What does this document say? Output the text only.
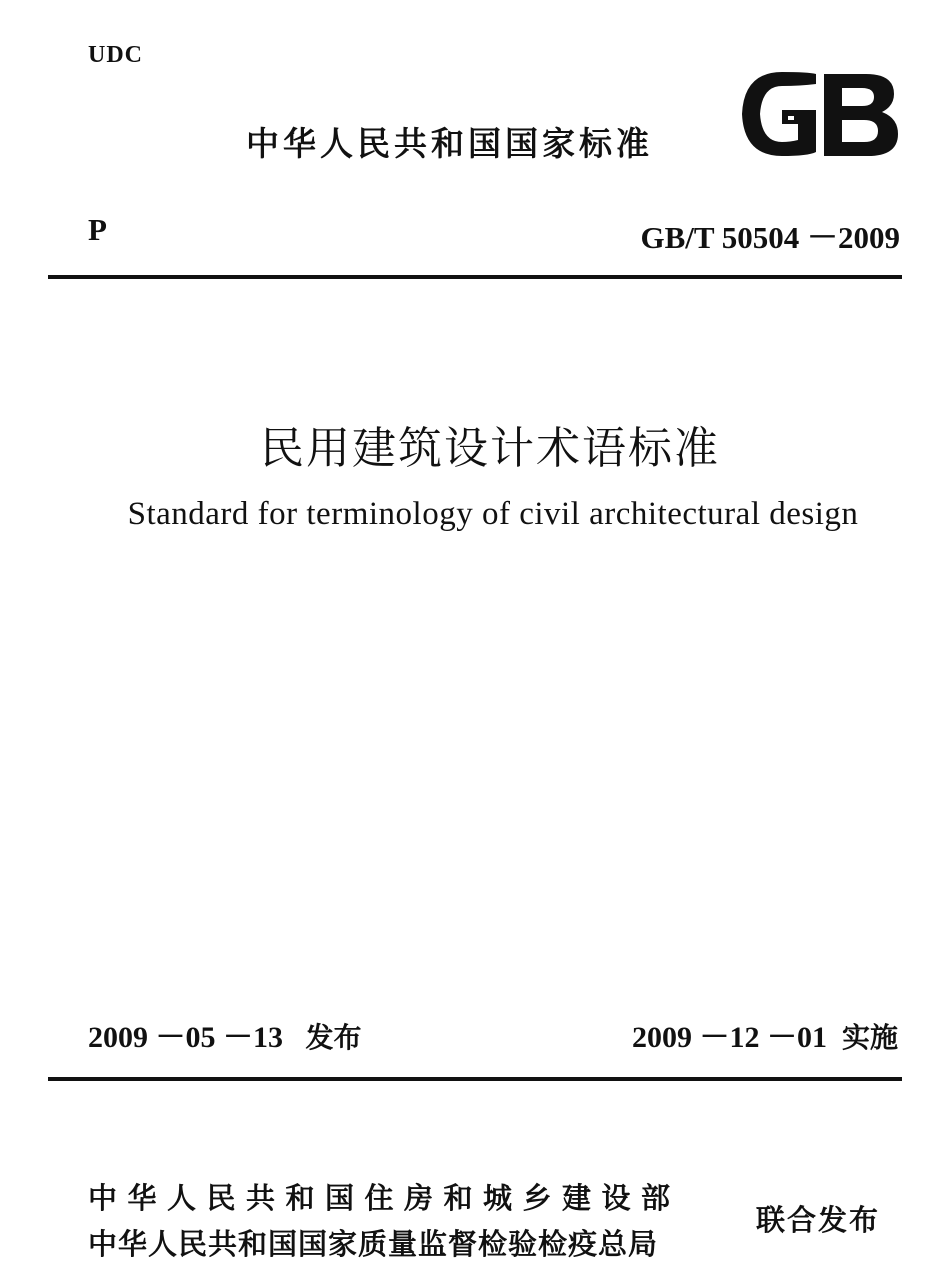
UDC
中华人民共和国国家标准
P	GB/T 50504 －2009
民用建筑设计术语标准
Standard for terminology of civil architectural design
2009 －05 －13 发布	2009 －12 －01 实施
中华人民共和国住房和城乡建设部
中华人民共和国国家质量监督检验检疫总局
联合发布
